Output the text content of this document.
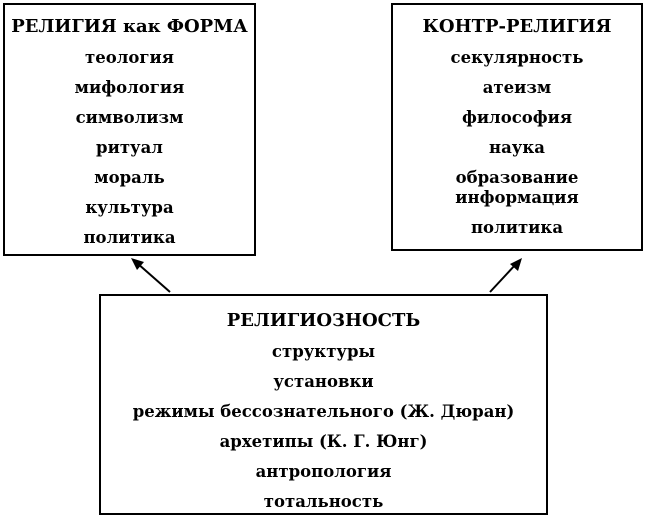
РЕЛИГИЯ как ФОРМА
теология
мифология
символизм
ритуал
мораль
культура
политика
КОНТР-РЕЛИГИЯ
секулярность
атеизм
философия
наука
образование
информация
политика
РЕЛИГИОЗНОСТЬ
структуры
установки
режимы бессознательного (Ж. Дюран)
архетипы (К. Г. Юнг)
антропология
тотальность
